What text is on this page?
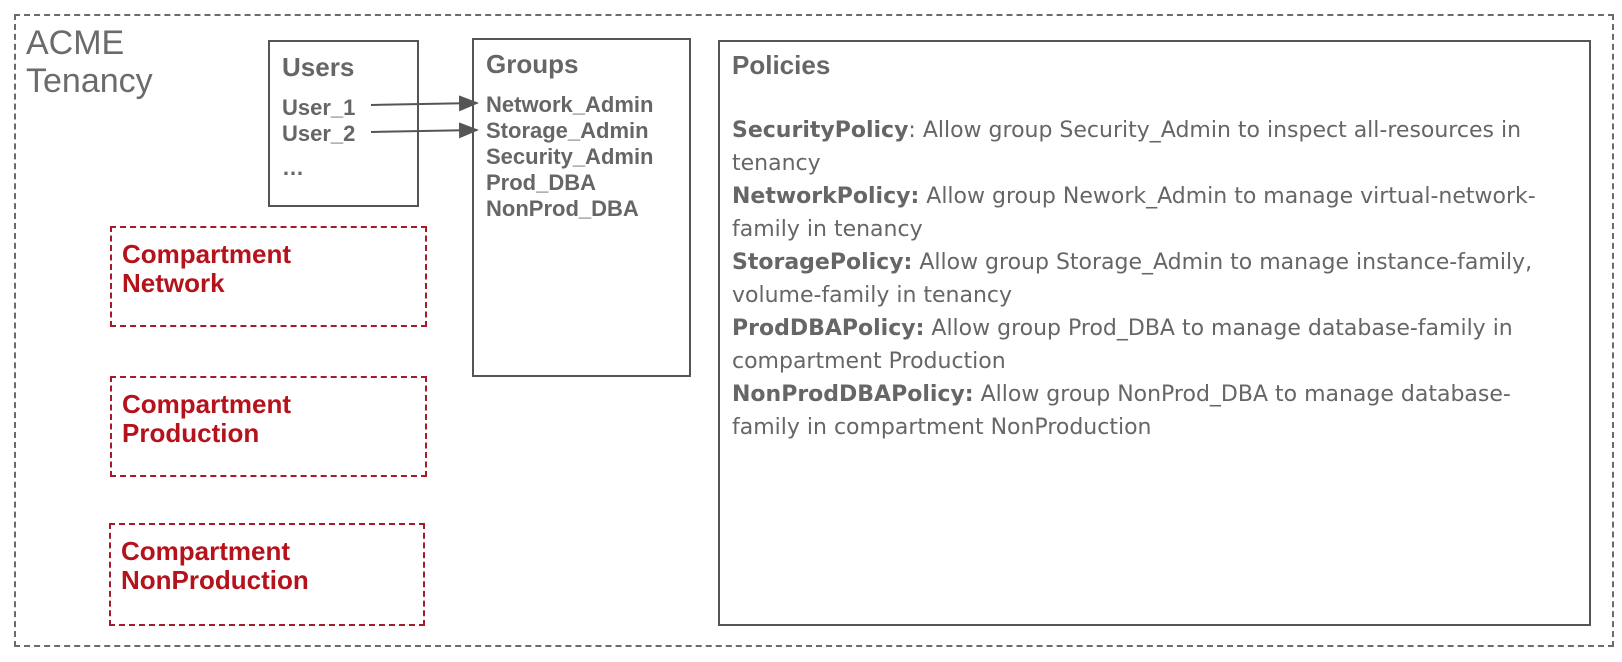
ACME
Tenancy	Users
User_1
User_2
…
Groups
Network_Admin
Storage_Admin
Security_Admin
Prod_DBA
NonProd_DBA
Policies

SecurityPolicy: Allow group Security_Admin to inspect all-resources in tenancy

NetworkPolicy: Allow group Nework_Admin to manage virtual-network-family in tenancy

StoragePolicy: Allow group Storage_Admin to manage instance-family, volume-family in tenancy

ProdDBAPolicy: Allow group Prod_DBA to manage database-family in compartment Production

NonProdDBAPolicy: Allow group NonProd_DBA to manage database-family in compartment NonProduction

Compartment
Network
Compartment
Production
Compartment
NonProduction
